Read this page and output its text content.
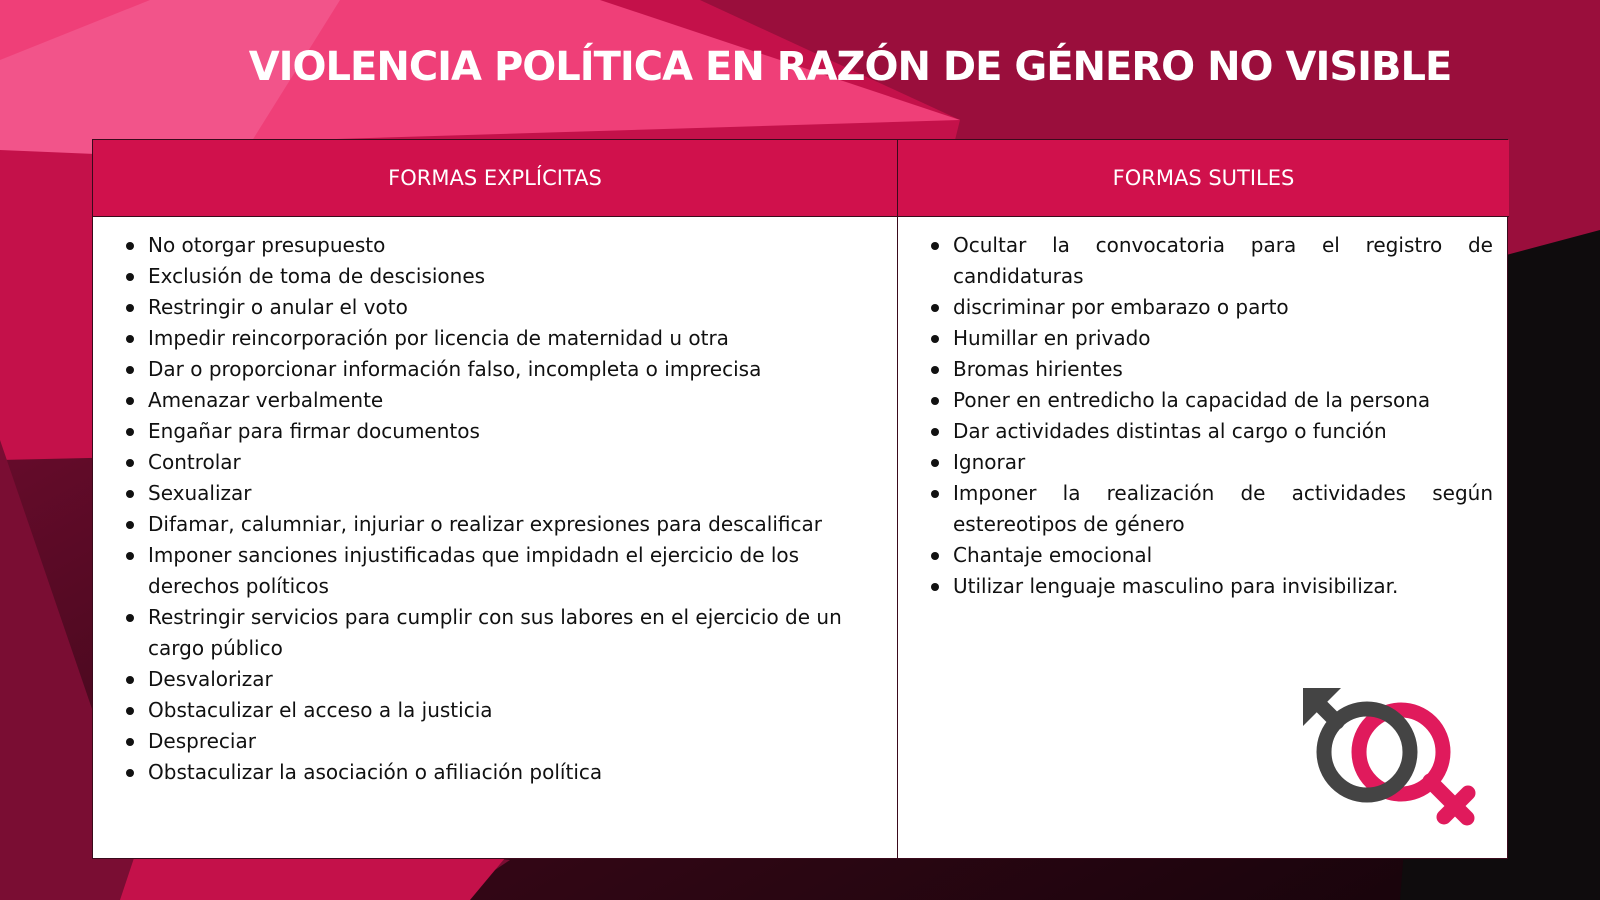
VIOLENCIA POLÍTICA EN RAZÓN DE GÉNERO NO VISIBLE
FORMAS EXPLÍCITAS	FORMAS SUTILES
No otorgar presupuesto
Exclusión de toma de descisiones
Restringir o anular el voto
Impedir reincorporación por licencia de maternidad u otra
Dar o proporcionar información falso, incompleta o imprecisa
Amenazar verbalmente
Engañar para firmar documentos
Controlar
Sexualizar
Difamar, calumniar, injuriar o realizar expresiones para descalificar
Imponer sanciones injustificadas que impidadn el ejercicio de los derechos políticos
Restringir servicios para cumplir con sus labores en el ejercicio de un cargo público
Desvalorizar
Obstaculizar el acceso a la justicia
Despreciar
Obstaculizar la asociación o afiliación política
Ocultar la convocatoria para el registro de candidaturas
discriminar por embarazo o parto
Humillar en privado
Bromas hirientes
Poner en entredicho la capacidad de la persona
Dar actividades distintas al cargo o función
Ignorar
Imponer la realización de actividades según estereotipos de género
Chantaje emocional
Utilizar lenguaje masculino para invisibilizar.
